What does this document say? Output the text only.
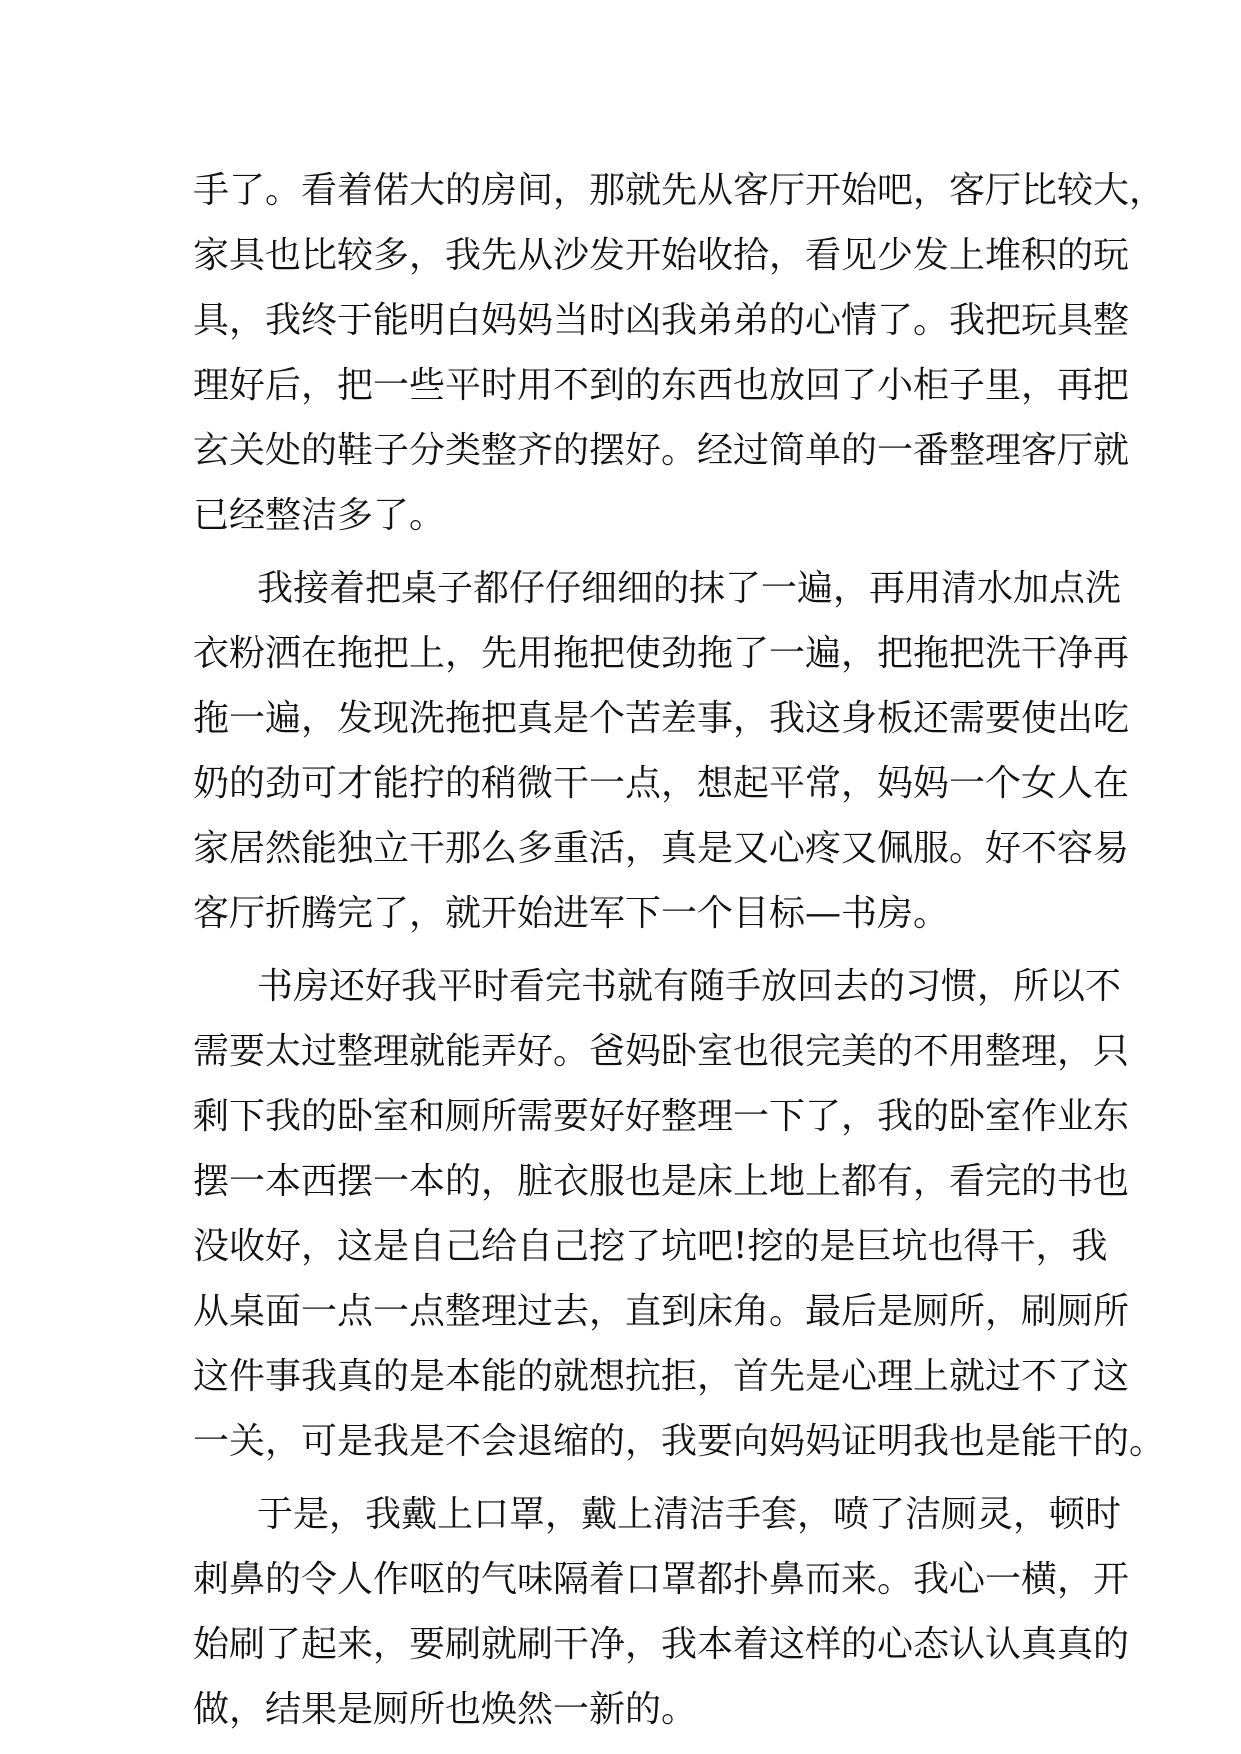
手了。看着偌大的房间，那就先从客厅开始吧，客厅比较大，
家具也比较多，我先从沙发开始收拾，看见少发上堆积的玩
具，我终于能明白妈妈当时凶我弟弟的心情了。我把玩具整
理好后，把一些平时用不到的东西也放回了小柜子里，再把
玄关处的鞋子分类整齐的摆好。经过简单的一番整理客厅就
已经整洁多了。
我接着把桌子都仔仔细细的抹了一遍，再用清水加点洗
衣粉洒在拖把上，先用拖把使劲拖了一遍，把拖把洗干净再
拖一遍，发现洗拖把真是个苦差事，我这身板还需要使出吃
奶的劲可才能拧的稍微干一点，想起平常，妈妈一个女人在
家居然能独立干那么多重活，真是又心疼又佩服。好不容易
客厅折腾完了，就开始进军下一个目标—书房。
书房还好我平时看完书就有随手放回去的习惯，所以不
需要太过整理就能弄好。爸妈卧室也很完美的不用整理，只
剩下我的卧室和厕所需要好好整理一下了，我的卧室作业东
摆一本西摆一本的，脏衣服也是床上地上都有，看完的书也
没收好，这是自己给自己挖了坑吧!挖的是巨坑也得干，我
从桌面一点一点整理过去，直到床角。最后是厕所，刷厕所
这件事我真的是本能的就想抗拒，首先是心理上就过不了这
一关，可是我是不会退缩的，我要向妈妈证明我也是能干的。
于是，我戴上口罩，戴上清洁手套，喷了洁厕灵，顿时
刺鼻的令人作呕的气味隔着口罩都扑鼻而来。我心一横，开
始刷了起来，要刷就刷干净，我本着这样的心态认认真真的
做，结果是厕所也焕然一新的。
